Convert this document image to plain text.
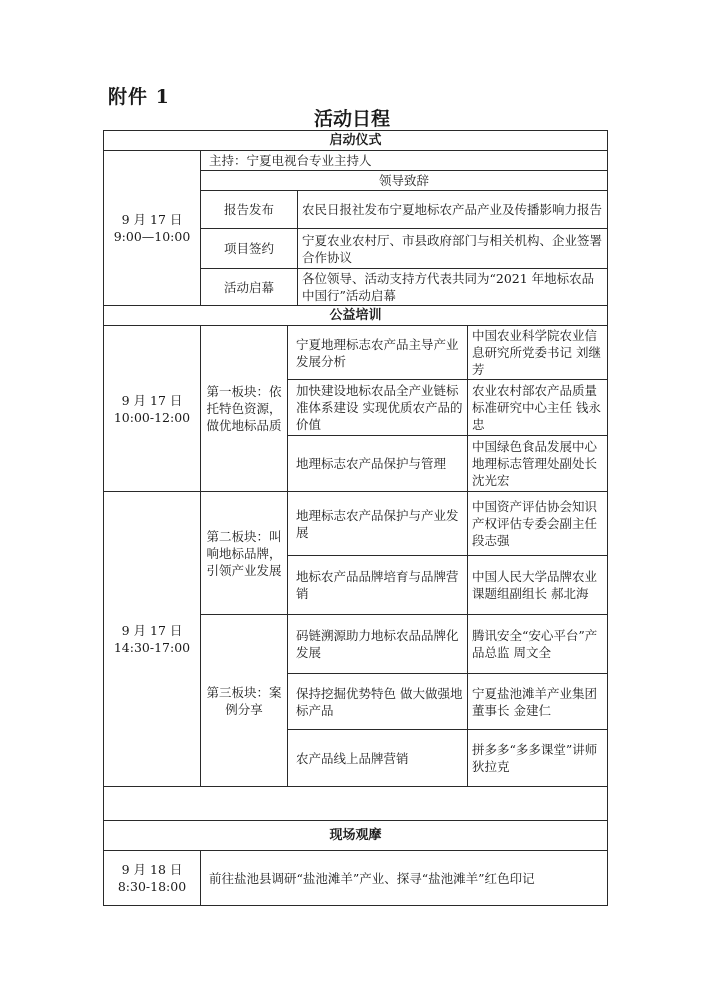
附件 1
活动日程
启动仪式				

9 月 17 日
9:00—10:00	主持：宁夏电视台专业主持人			
	领导致辞			
	报告发布		农民日报社发布宁夏地标农产品产业及传播影响力报告	
	项目签约		宁夏农业农村厅、市县政府部门与相关机构、企业签署合作协议	
	活动启幕		各位领导、活动支持方代表共同为“2021 年地标农品中国行”活动启幕	

公益培训				

9 月 17 日
10:00-12:00	第一板块：依托特色资源，做优地标品质	宁夏地理标志农产品主导产业发展分析		中国农业科学院农业信息研究所党委书记 刘继芳
		加快建设地标农品全产业链标准体系建设 实现优质农产品的价值		农业农村部农产品质量标准研究中心主任 钱永忠
		地理标志农产品保护与管理		中国绿色食品发展中心地理标志管理处副处长 沈光宏

9 月 17 日
14:30-17:00	第二板块：叫响地标品牌，引领产业发展	地理标志农产品保护与产业发展		中国资产评估协会知识产权评估专委会副主任 段志强
		地标农产品品牌培育与品牌营销		中国人民大学品牌农业课题组副组长 郝北海
	第三板块：案例分享	码链溯源助力地标农品品牌化发展		腾讯安全“安心平台”产品总监 周文全
		保持挖掘优势特色 做大做强地标产品		宁夏盐池滩羊产业集团董事长 金建仁
		农产品线上品牌营销		拼多多“多多课堂”讲师 狄拉克

现场观摩				

9 月 18 日
8:30-18:00	前往盐池县调研“盐池滩羊”产业、探寻“盐池滩羊”红色印记			
